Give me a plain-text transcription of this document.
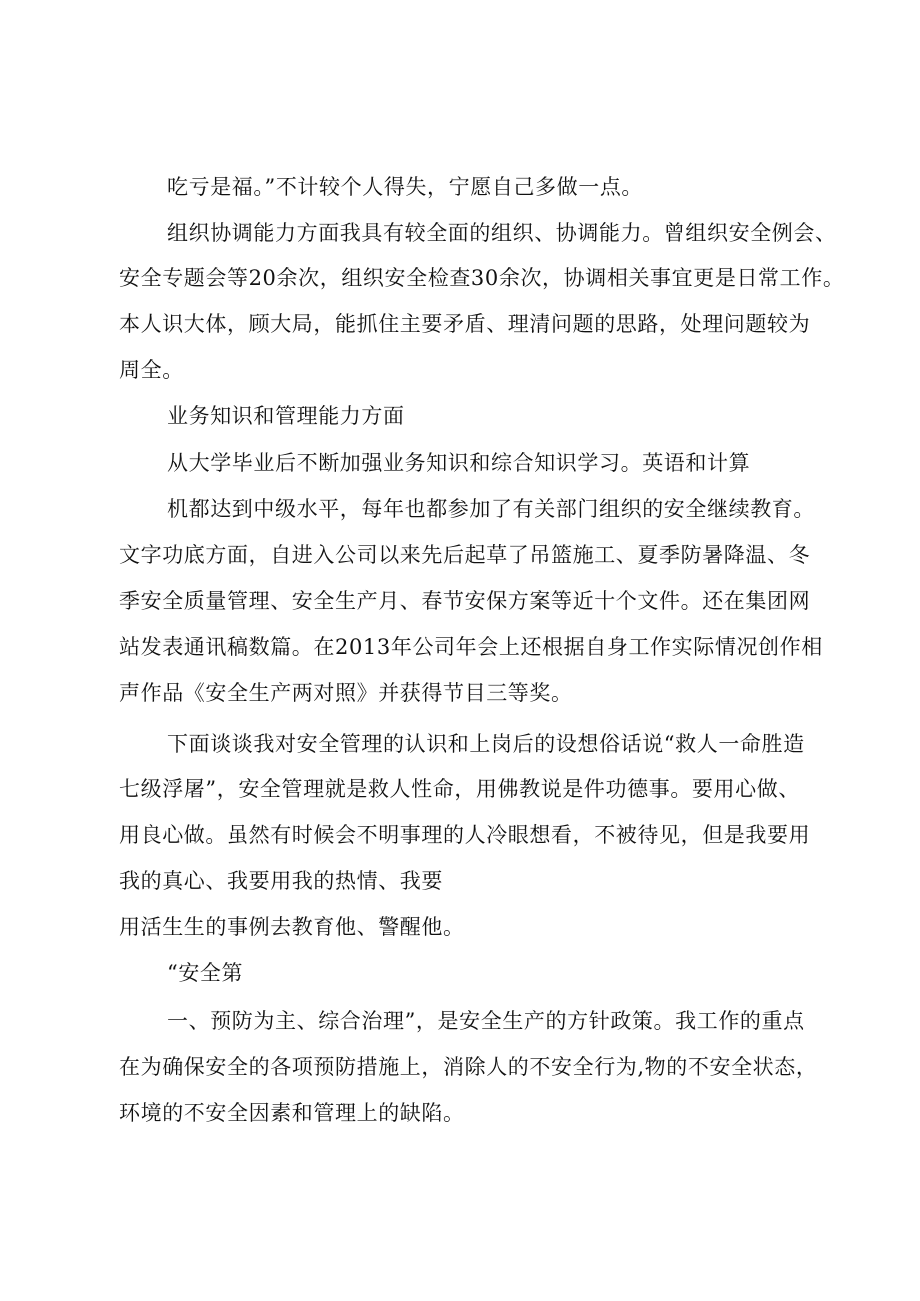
吃亏是福。”不计较个人得失，宁愿自己多做一点。
组织协调能力方面我具有较全面的组织、协调能力。曾组织安全例会、
安全专题会等20余次，组织安全检查30余次，协调相关事宜更是日常工作。
本人识大体，顾大局，能抓住主要矛盾、理清问题的思路，处理问题较为
周全。
业务知识和管理能力方面
从大学毕业后不断加强业务知识和综合知识学习。英语和计算
机都达到中级水平，每年也都参加了有关部门组织的安全继续教育。
文字功底方面，自进入公司以来先后起草了吊篮施工、夏季防暑降温、冬
季安全质量管理、安全生产月、春节安保方案等近十个文件。还在集团网
站发表通讯稿数篇。在2013年公司年会上还根据自身工作实际情况创作相
声作品《安全生产两对照》并获得节目三等奖。
下面谈谈我对安全管理的认识和上岗后的设想俗话说“救人一命胜造
七级浮屠”，安全管理就是救人性命，用佛教说是件功德事。要用心做、
用良心做。虽然有时候会不明事理的人冷眼想看，不被待见，但是我要用
我的真心、我要用我的热情、我要
用活生生的事例去教育他、警醒他。
“安全第
一、预防为主、综合治理”，是安全生产的方针政策。我工作的重点
在为确保安全的各项预防措施上，消除人的不安全行为,物的不安全状态，
环境的不安全因素和管理上的缺陷。
